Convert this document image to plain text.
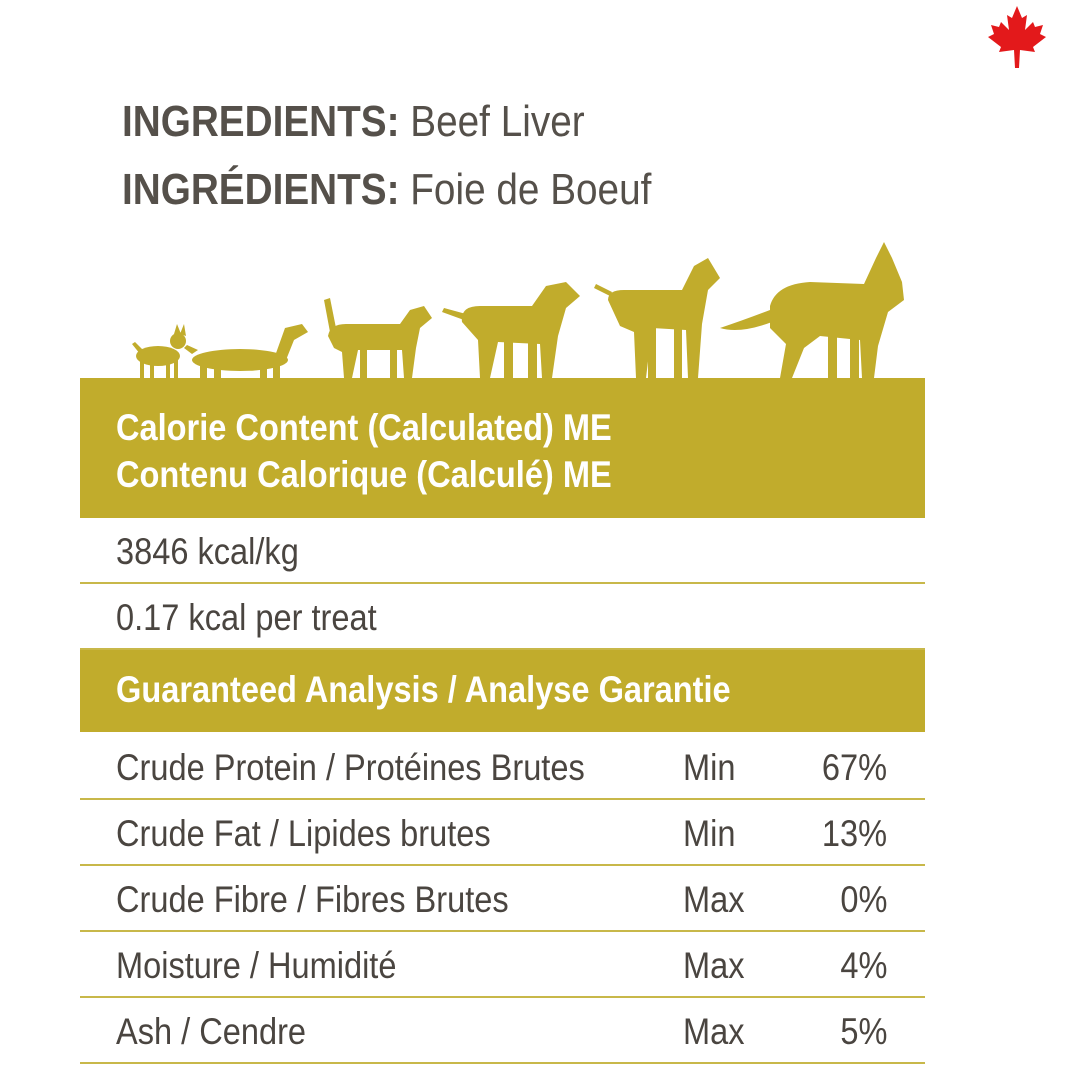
INGREDIENTS: Beef Liver
INGRÉDIENTS: Foie de Boeuf
Calorie Content (Calculated) ME
Contenu Calorique (Calculé) ME
3846 kcal/kg
0.17 kcal per treat
Guaranteed Analysis / Analyse Garantie
Crude Protein / Protéines Brutes	Min 67%
Crude Fat / Lipides brutes	Min 13%
Crude Fibre / Fibres Brutes	Max	0%
Moisture / Humidité	Max	4%
Ash / Cendre	Max	5%
